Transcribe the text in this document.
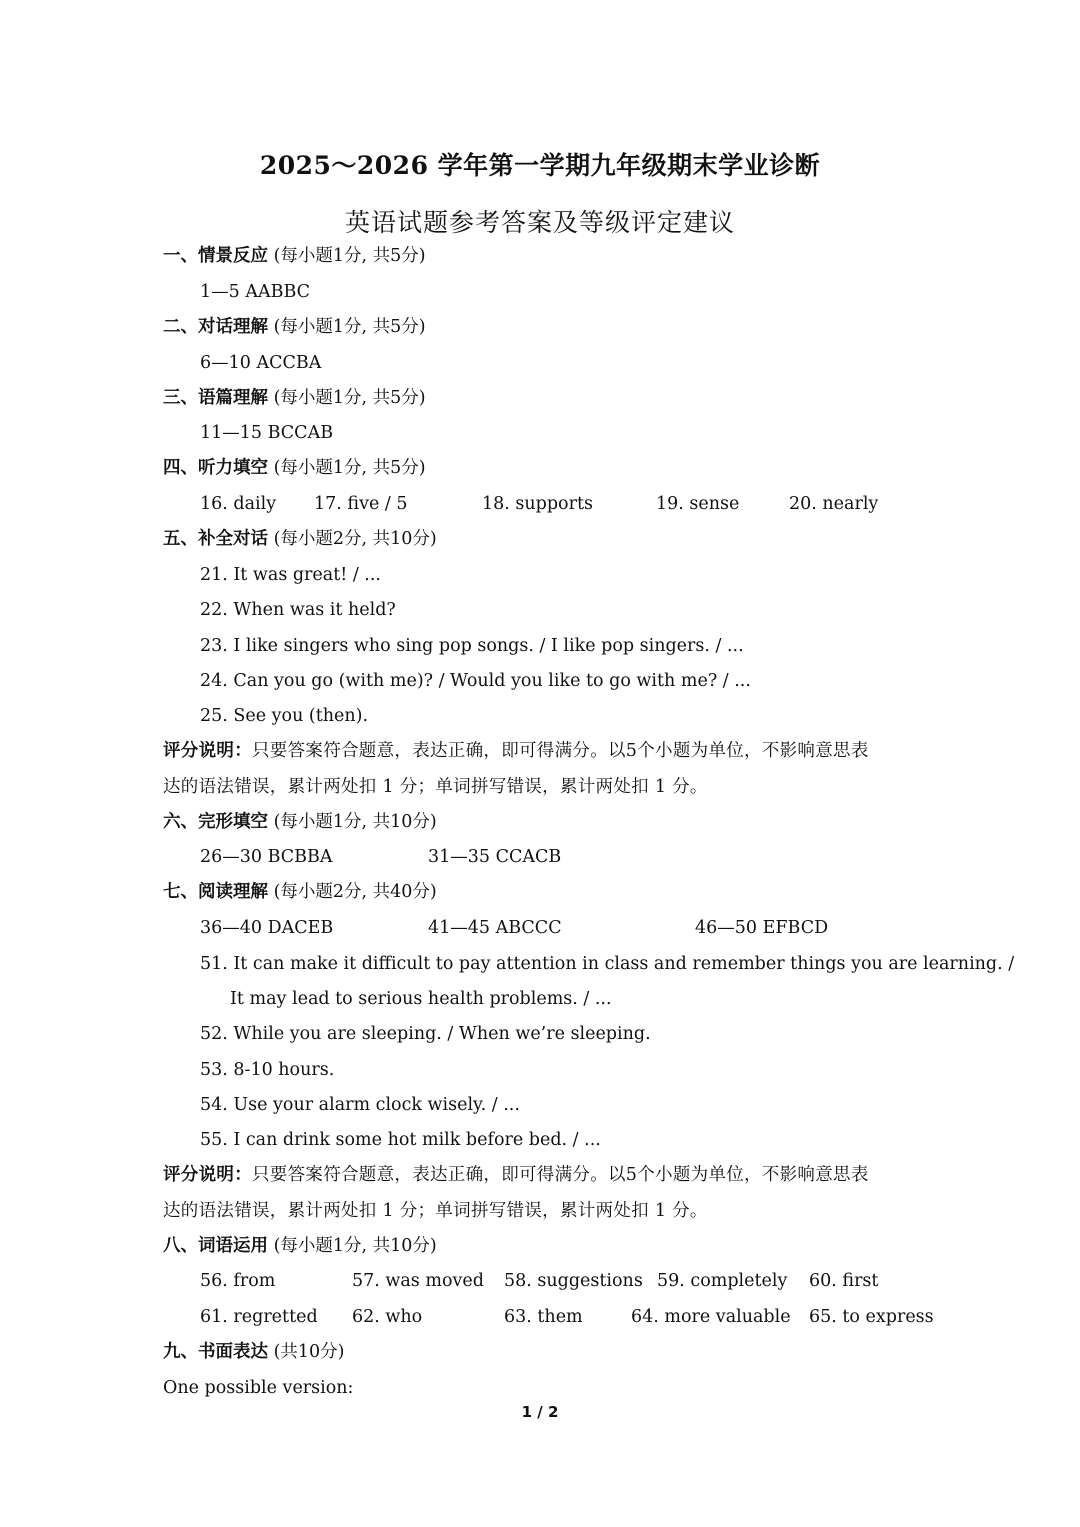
2025～2026 学年第一学期九年级期末学业诊断
英语试题参考答案及等级评定建议
一、情景反应 (每小题1分, 共5分)
1—5 AABBC
二、对话理解 (每小题1分, 共5分)
6—10 ACCBA
三、语篇理解 (每小题1分, 共5分)
11—15 BCCAB
四、听力填空 (每小题1分, 共5分)
16. daily 17. five / 5	18. supports	19. sense	20. nearly
五、补全对话 (每小题2分, 共10分)
21. It was great! / ...
22. When was it held?
23. I like singers who sing pop songs. / I like pop singers. / ...
24. Can you go (with me)? / Would you like to go with me? / ...
25. See you (then).
评分说明：只要答案符合题意，表达正确，即可得满分。以5个小题为单位，不影响意思表
达的语法错误，累计两处扣 1 分；单词拼写错误，累计两处扣 1 分。
六、完形填空 (每小题1分, 共10分)
26—30 BCBBA	31—35 CCACB
七、阅读理解 (每小题2分, 共40分)
36—40 DACEB	41—45 ABCCC	46—50 EFBCD
51. It can make it difficult to pay attention in class and remember things you are learning. /
It may lead to serious health problems. / ...
52. While you are sleeping. / When we’re sleeping.
53. 8-10 hours.
54. Use your alarm clock wisely. / ...
55. I can drink some hot milk before bed. / ...
评分说明：只要答案符合题意，表达正确，即可得满分。以5个小题为单位，不影响意思表
达的语法错误，累计两处扣 1 分；单词拼写错误，累计两处扣 1 分。
八、词语运用 (每小题1分, 共10分)
56. from	57. was moved 58. suggestions 59. completely 60. first
61. regretted 62. who	63. them	64. more valuable 65. to express
九、书面表达 (共10分)
One possible version:
1 / 2
